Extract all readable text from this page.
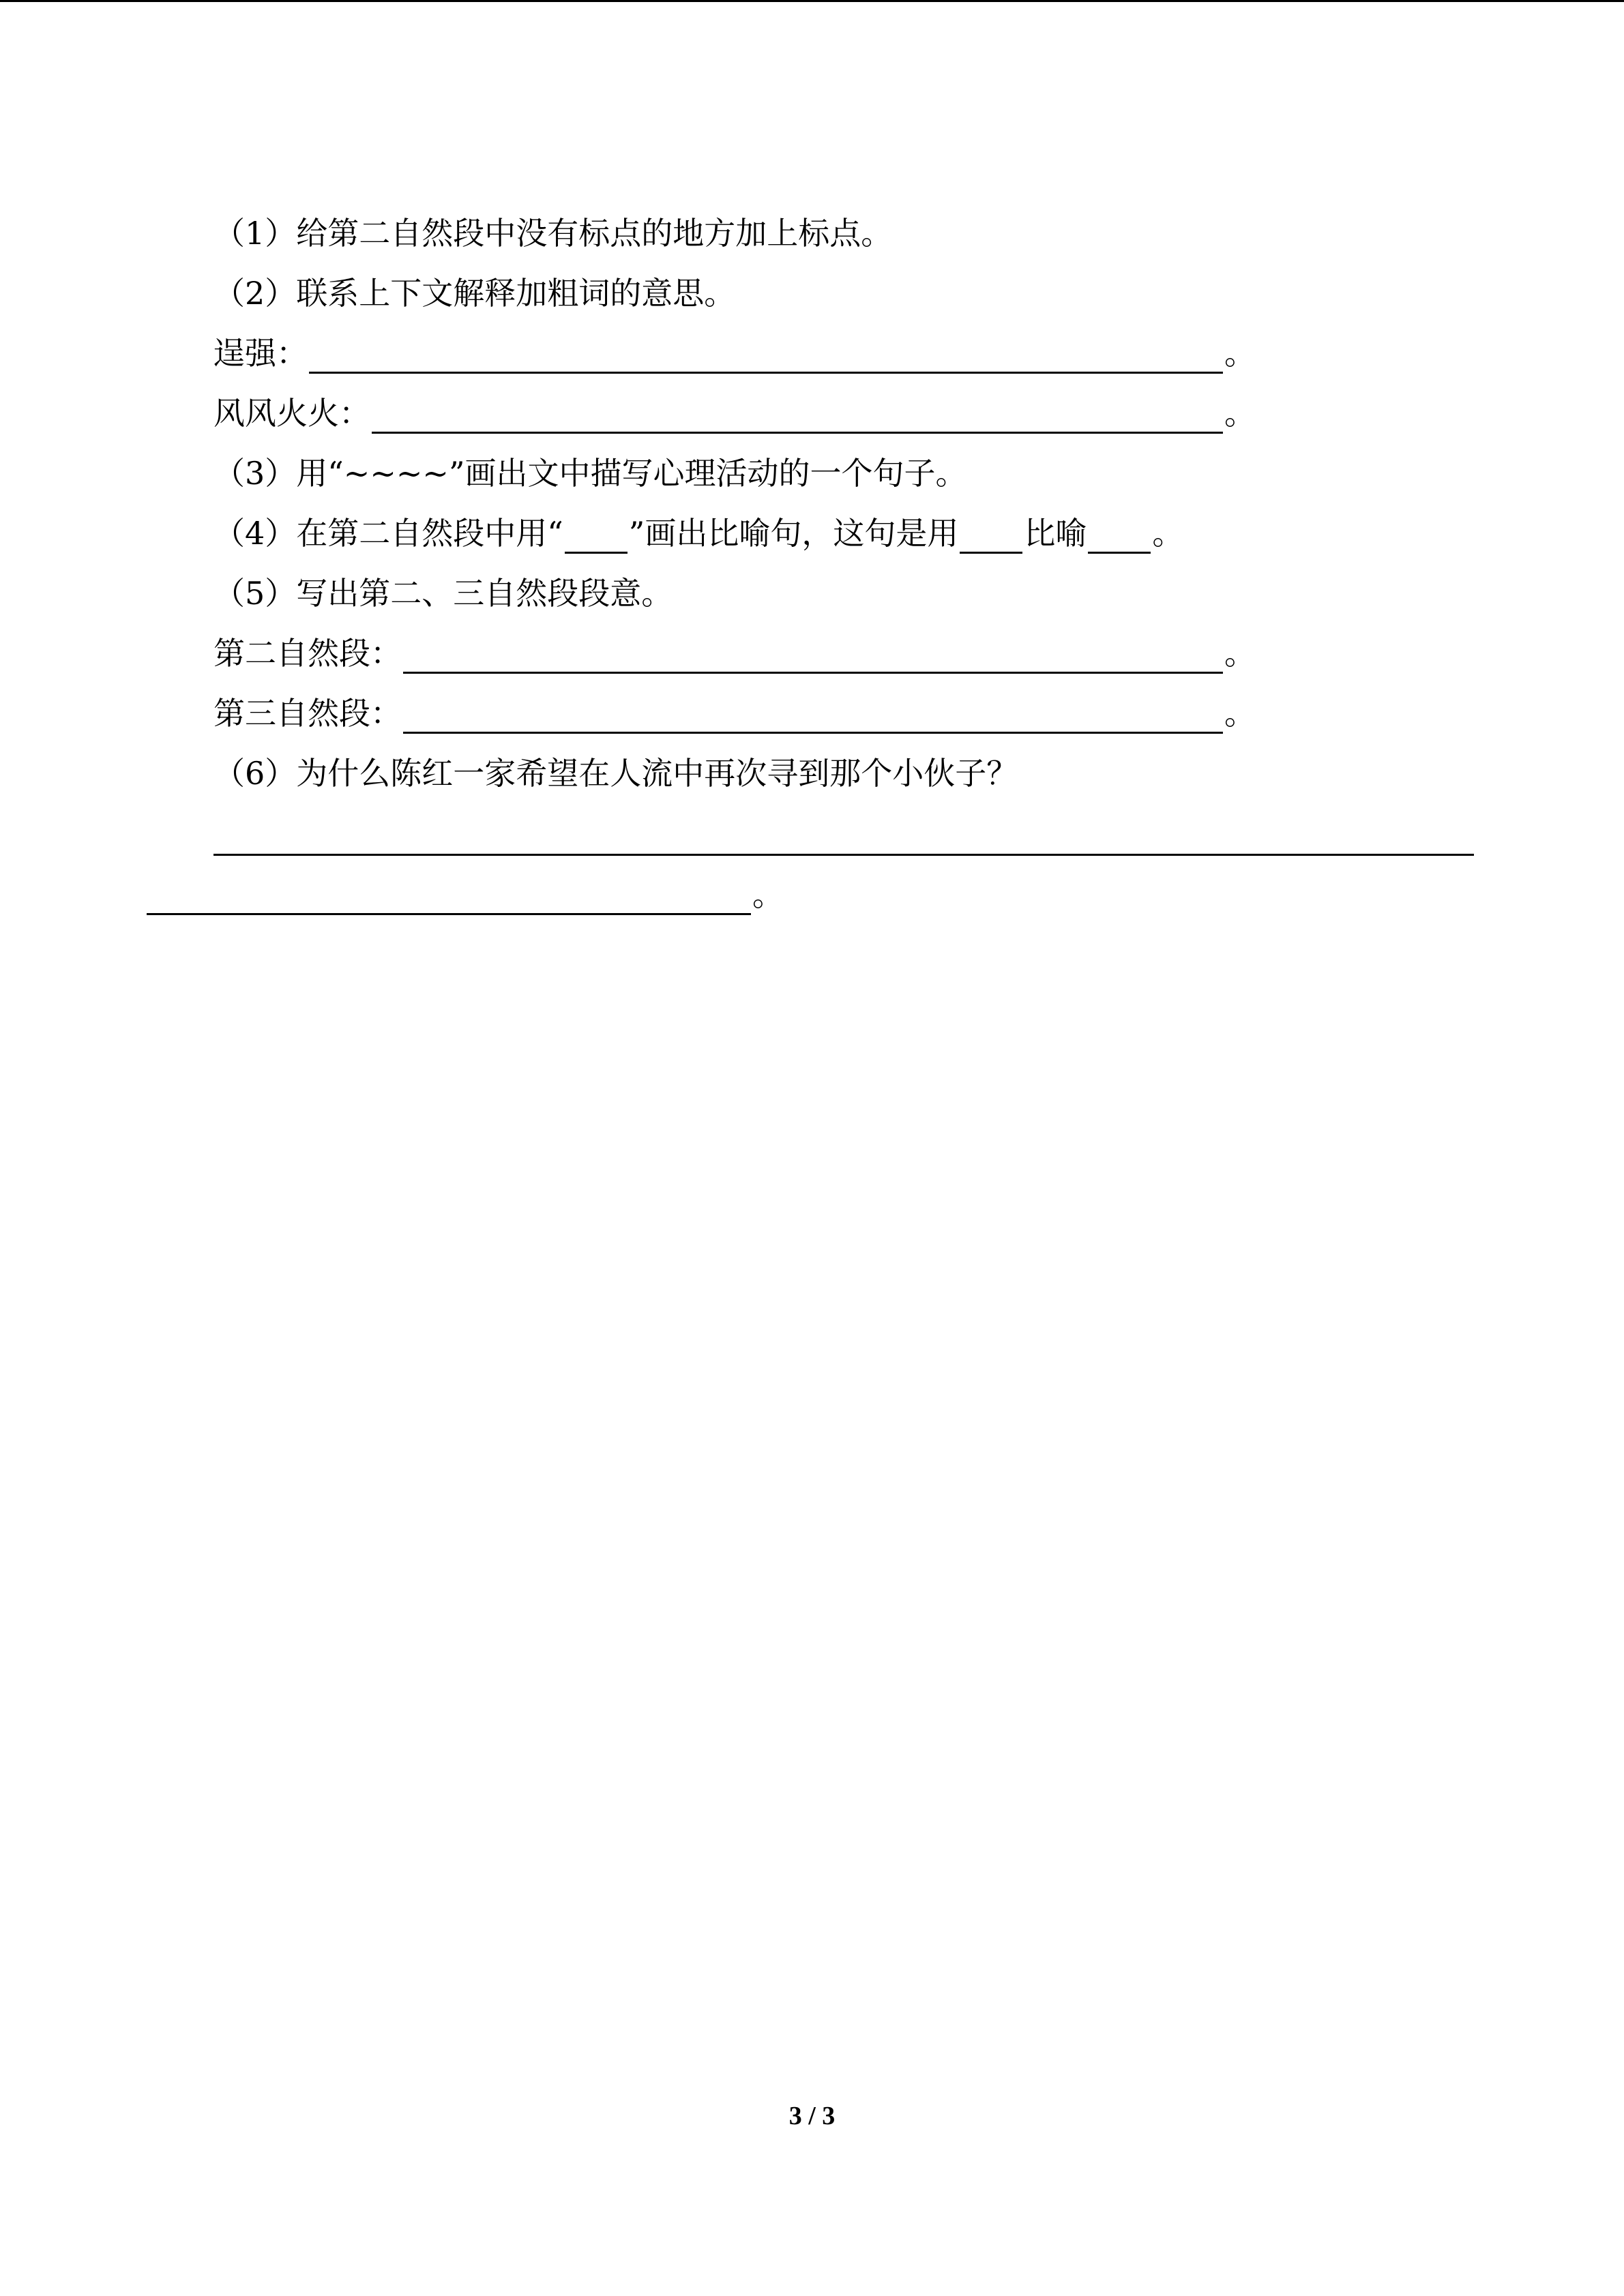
（1）给第二自然段中没有标点的地方加上标点。
（2）联系上下文解释加粗词的意思。
逞强：	。
风风火火：	。
（3）用“~~~~”画出文中描写心理活动的一个句子。
（4）在第二自然段中用“ ”画出比喻句，这句是用 比喻 。
（5）写出第二、三自然段段意。
第二自然段：	。
第三自然段：	。
（6）为什么陈红一家希望在人流中再次寻到那个小伙子？
。
3 / 3
